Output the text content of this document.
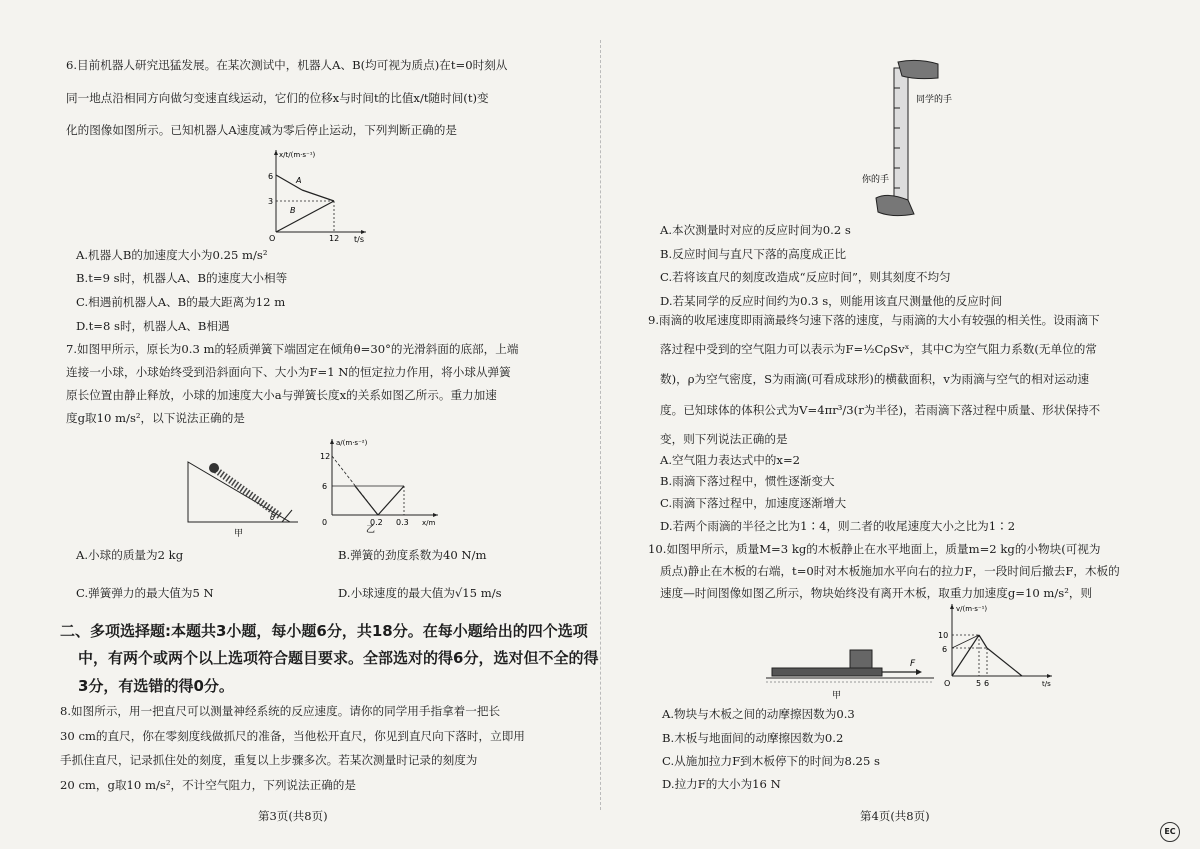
6.目前机器人研究迅猛发展。在某次测试中，机器人A、B(均可视为质点)在t=0时刻从
同一地点沿相同方向做匀变速直线运动，它们的位移x与时间t的比值x/t随时间(t)变
化的图像如图所示。已知机器人A速度减为零后停止运动，下列判断正确的是
x/t/(m·s⁻¹)
t/s
6
3
O	12
A
B
A.机器人B的加速度大小为0.25 m/s²
B.t=9 s时，机器人A、B的速度大小相等
C.相遇前机器人A、B的最大距离为12 m
D.t=8 s时，机器人A、B相遇
7.如图甲所示，原长为0.3 m的轻质弹簧下端固定在倾角θ=30°的光滑斜面的底部，上端
连接一小球，小球始终受到沿斜面向下、大小为F=1 N的恒定拉力作用，将小球从弹簧
原长位置由静止释放，小球的加速度大小a与弹簧长度x的关系如图乙所示。重力加速
度g取10 m/s²，以下说法正确的是
θ
甲
a/(m·s⁻²)
x/m
12
6
0	0.2 0.3
乙
A.小球的质量为2 kg	B.弹簧的劲度系数为40 N/m
C.弹簧弹力的最大值为5 N	D.小球速度的最大值为√15 m/s
二、多项选择题:本题共3小题，每小题6分，共18分。在每小题给出的四个选项
中，有两个或两个以上选项符合题目要求。全部选对的得6分，选对但不全的得
3分，有选错的得0分。
8.如图所示，用一把直尺可以测量神经系统的反应速度。请你的同学用手指拿着一把长
30 cm的直尺，你在零刻度线做抓尺的准备，当他松开直尺，你见到直尺向下落时，立即用
手抓住直尺，记录抓住处的刻度，重复以上步骤多次。若某次测量时记录的刻度为
20 cm，g取10 m/s²，不计空气阻力，下列说法正确的是
第3页(共8页)
同学的手
你的手
A.本次测量时对应的反应时间为0.2 s
B.反应时间与直尺下落的高度成正比
C.若将该直尺的刻度改造成“反应时间”，则其刻度不均匀
D.若某同学的反应时间约为0.3 s，则能用该直尺测量他的反应时间
9.雨滴的收尾速度即雨滴最终匀速下落的速度，与雨滴的大小有较强的相关性。设雨滴下
落过程中受到的空气阻力可以表示为F=½CρSvˣ，其中C为空气阻力系数(无单位的常
数)，ρ为空气密度，S为雨滴(可看成球形)的横截面积，v为雨滴与空气的相对运动速
度。已知球体的体积公式为V=4πr³/3(r为半径)，若雨滴下落过程中质量、形状保持不
变，则下列说法正确的是
A.空气阻力表达式中的x=2
B.雨滴下落过程中，惯性逐渐变大
C.雨滴下落过程中，加速度逐渐增大
D.若两个雨滴的半径之比为1∶4，则二者的收尾速度大小之比为1∶2
10.如图甲所示，质量M=3 kg的木板静止在水平地面上，质量m=2 kg的小物块(可视为
质点)静止在木板的右端，t=0时对木板施加水平向右的拉力F，一段时间后撤去F，木板的
速度—时间图像如图乙所示，物块始终没有离开木板，取重力加速度g=10 m/s²，则
F
甲
v/(m·s⁻¹)
t/s
10
6
O	5 6
A.物块与木板之间的动摩擦因数为0.3
B.木板与地面间的动摩擦因数为0.2
C.从施加拉力F到木板停下的时间为8.25 s
D.拉力F的大小为16 N
第4页(共8页)
EC
